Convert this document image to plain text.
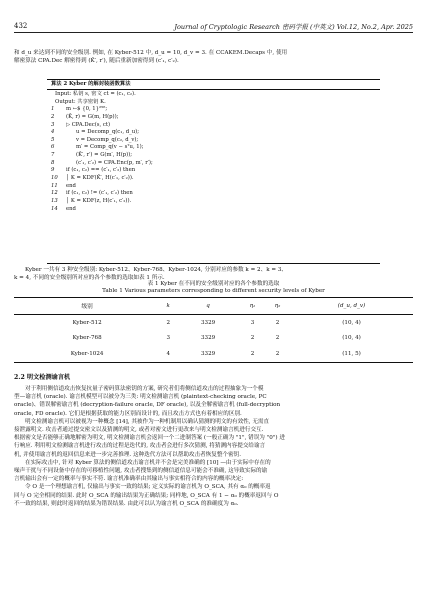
432	Journal of Cryptologic Research 密码学报 (中英文) Vol.12, No.2, Apr. 2025
和 d_u 来达到不同的安全级别. 例如, 在 Kyber-512 中, d_u = 10, d_v = 3. 在 CCAKEM.Decaps 中, 使用
解密算法 CPA.Dec 解密得到 (K̄′, r′), 随后重新加密得到 (c′₁, c′₂).
算法 2 Kyber 的解封装函数算法
Input: 私钥 s, 密文 ct = (c₁, c₂).
Output: 共享密钥 K.
1	m ←$ {0, 1}²⁵⁶;
2	(K̄, r) = G(m, H(p));
3	▷ CPA.Dec(s, ct)
4	u = Decomp_q(c₁, d_u);
5	v = Decomp_q(c₂, d_v);
6	m′ = Comp_q(v − sᵀu, 1);
7	(K̄′, r′) = G(m′, H(p));
8	(c′₁, c′₂) = CPA.Enc(p, m′, r′);
9	if (c₁, c₂) == (c′₁, c′₂) then
10	│ K = KDF(K̄′, H(c′₁, c′₂)).
11	end
12	if (c₁, c₂) != (c′₁, c′₂) then
13	│ K = KDF(z, H(c′₁, c′₂)).
14	end
Kyber 一共有 3 种安全级别: Kyber-512、Kyber-768、Kyber-1024, 分别对应的参数 k = 2、k = 3、
k = 4, 不同的安全级别所对应的各个参数的选取如表 1 所示.
表 1 Kyber 在不同的安全级别对应的各个参数的选取
Table 1 Various parameters corresponding to different security levels of Kyber
级别	k	q	η₁	η₂	(d_u, d_v)
Kyber-512	2	3329	3	2	(10, 4)
Kyber-768	3	3329	2	2	(10, 4)
Kyber-1024	4	3329	2	2	(11, 5)
2.2 明文检测谕言机
对于利用侧信道攻击恢复抗量子密码算法密钥的方案, 研究者们将侧信道攻击的过程抽象为一个模
型—谕言机 (oracle). 谕言机模型可以被分为三类: 明文检测谕言机 (plaintext-checking oracle, PC
oracle)、错误解密谕言机 (decryption-failure oracle, DF oracle), 以及全解密谕言机 (full-decryption
oracle, FD oracle). 它们是根据获取的能力区别而设计的, 而且攻击方式也有着相应的区别.
明文检测谕言机可以被视为一种概念 [14], 其被作为一种机制用以确认猜测的明文的有效性, 无需直
接泄露明文. 攻击者通过提交密文以及猜测的明文, 或者对密文进行更改来与明文检测谕言机进行交互.
根据密文是否能够正确地解密为明文, 明文检测谕言机会返回一个二进制答案 (一般正确为 "1", 错误为 "0") 进
行响应. 利用明文检测谕言机进行攻击的过程是迭代的, 攻击者会进行多次猜测, 将猜测内容提交给谕言
机, 并使用谕言机的返回信息来进一步完善推理. 这种迭代方法可以帮助攻击者恢复整个密钥.
在实际攻击中, 针对 Kyber 算法的侧信道攻击谕言机并不会是完美准确的 [10] —由于实际中存在的
噪声干扰与不同设备中存在的可移植性问题, 攻击者搜集到的侧信道信息可能会不准确, 这导致实际的谕
言机输出会有一定的概率与事实不符. 谕言机准确率由其输出与事实相符合的内容的概率决定:
令 O 是一个理想谕言机, 仅输出与事实一致的结果; 定义实际的谕言机为 O_SCA, 其有 α₀ 的概率返
回与 O 完全相同的结果. 此时 O_SCA 的输出结果为正确结果; 同样地, O_SCA 有 1 − α₀ 的概率返回与 O
不一致的结果, 则此时返回的结果为错误结果. 由此可以认为谕言机 O_SCA 的准确度为 α₀.
